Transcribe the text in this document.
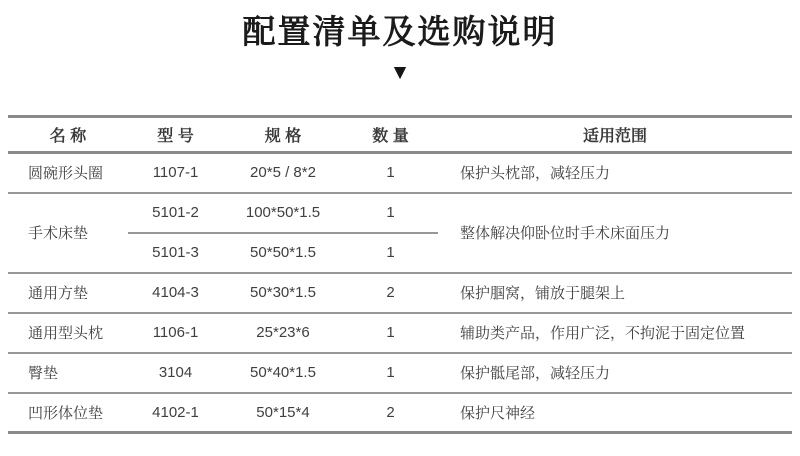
配置清单及选购说明
▼
名 称	型 号	规 格	数 量	适用范围
圆碗形头圈	1107-1	20*5 / 8*2	1	保护头枕部，减轻压力
手术床垫	5101-2	100*50*1.5	1	整体解决仰卧位时手术床面压力
	5101-3	50*50*1.5	1	
通用方垫	4104-3	50*30*1.5	2	保护腘窝，铺放于腿架上
通用型头枕	1106-1	25*23*6	1	辅助类产品，作用广泛，不拘泥于固定位置
臀垫	3104	50*40*1.5	1	保护骶尾部，减轻压力
凹形体位垫	4102-1	50*15*4	2	保护尺神经
